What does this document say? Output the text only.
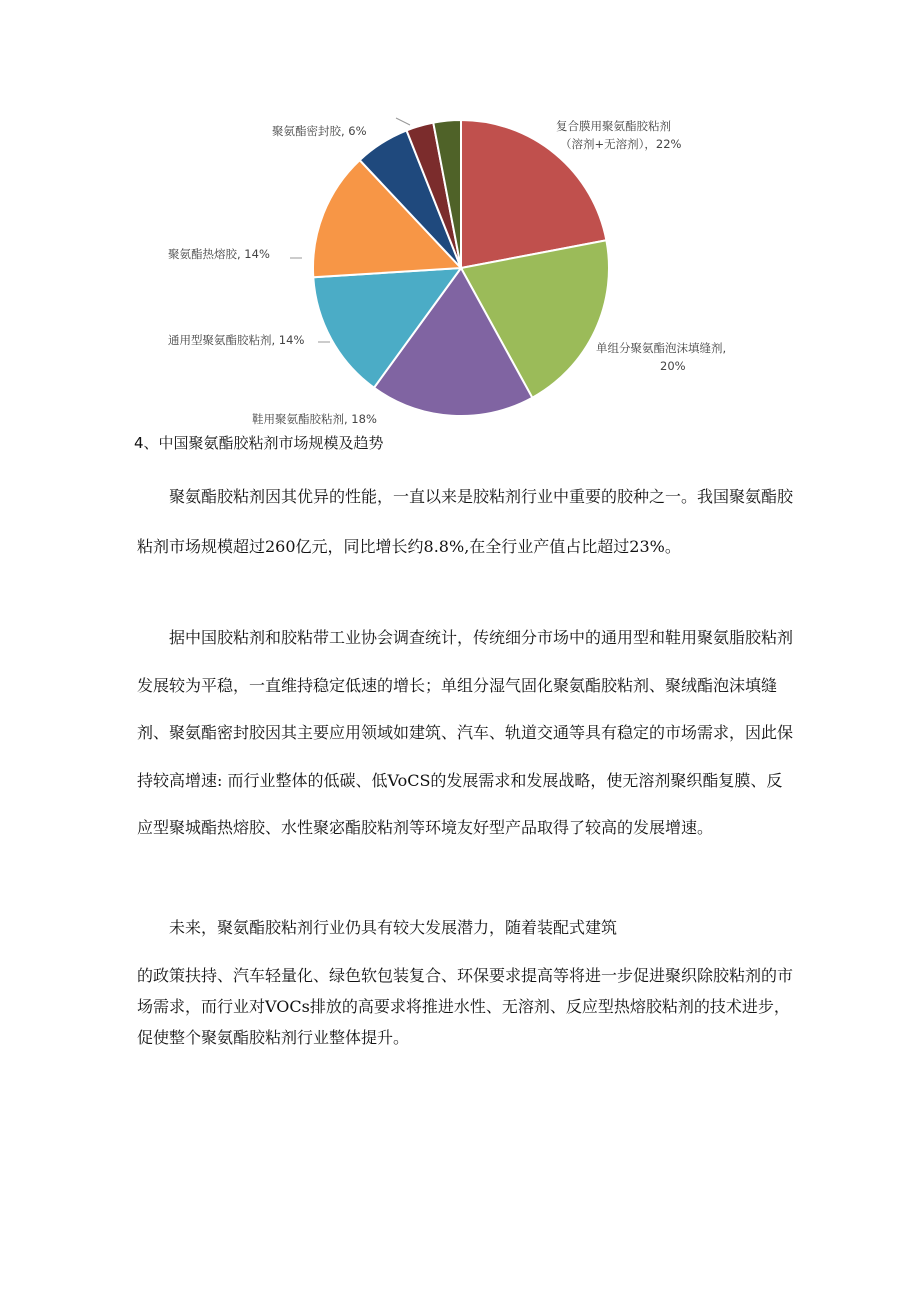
复合膜用聚氨酯胶粘剂
（溶剂+无溶剂），22%
单组分聚氨酯泡沫填缝剂,
20%
鞋用聚氨酯胶粘剂, 18%
通用型聚氨酯胶粘剂, 14%
聚氨酯热熔胶, 14%
聚氨酯密封胶, 6%
4、中国聚氨酯胶粘剂市场规模及趋势

聚氨酯胶粘剂因其优异的性能，一直以来是胶粘剂行业中重要的胶种之一。我国聚氨酯胶粘剂市场规模超过260亿元，同比增长约8.8%,在全行业产值占比超过23%。

据中国胶粘剂和胶粘带工业协会调查统计，传统细分市场中的通用型和鞋用聚氨脂胶粘剂发展较为平稳，一直维持稳定低速的增长；单组分湿气固化聚氨酯胶粘剂、聚绒酯泡沫填缝剂、聚氨酯密封胶因其主要应用领域如建筑、汽车、轨道交通等具有稳定的市场需求，因此保持较高增速: 而行业整体的低碳、低VoCS的发展需求和发展战略，使无溶剂聚织酯复膜、反应型聚城酯热熔胶、水性聚宓酯胶粘剂等环境友好型产品取得了较高的发展增速。

未来，聚氨酯胶粘剂行业仍具有较大发展潜力，随着装配式建筑

的政策扶持、汽车轻量化、绿色软包装复合、环保要求提高等将进一步促进聚织除胶粘剂的市场需求，而行业对VOCs排放的高要求将推进水性、无溶剂、反应型热熔胶粘剂的技术进步，促使整个聚氨酯胶粘剂行业整体提升。
